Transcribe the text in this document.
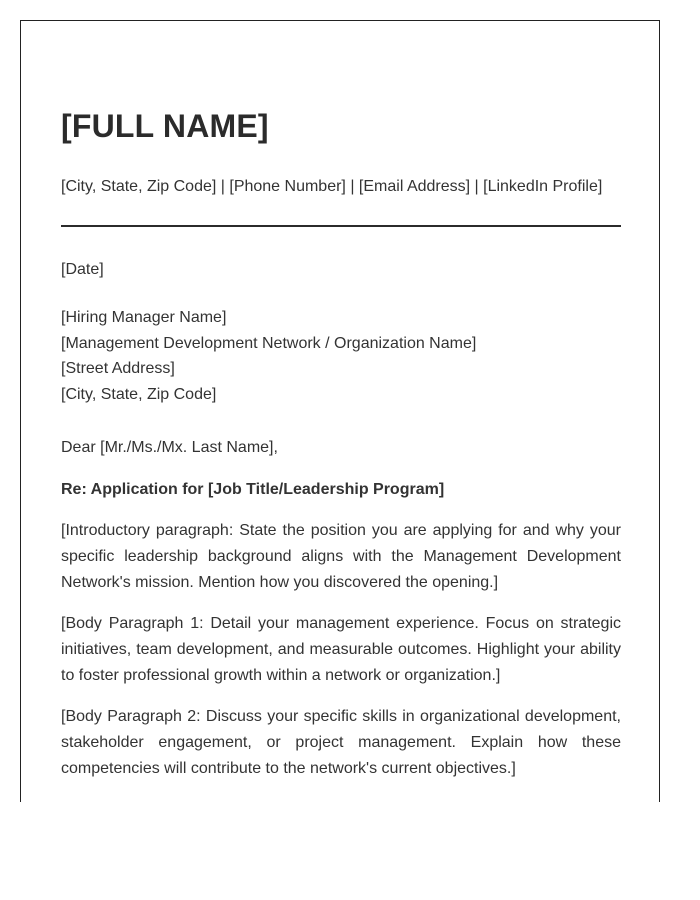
[FULL NAME]
[City, State, Zip Code] | [Phone Number] | [Email Address] | [LinkedIn Profile]
[Date]
[Hiring Manager Name]
[Management Development Network / Organization Name]
[Street Address]
[City, State, Zip Code]
Dear [Mr./Ms./Mx. Last Name],
Re: Application for [Job Title/Leadership Program]

[Introductory paragraph: State the position you are applying for and why your specific leadership background aligns with the Management Development Network's mission. Mention how you discovered the opening.]

[Body Paragraph 1: Detail your management experience. Focus on strategic initiatives, team development, and measurable outcomes. Highlight your ability to foster professional growth within a network or organization.]

[Body Paragraph 2: Discuss your specific skills in organizational development, stakeholder engagement, or project management. Explain how these competencies will contribute to the network's current objectives.]
